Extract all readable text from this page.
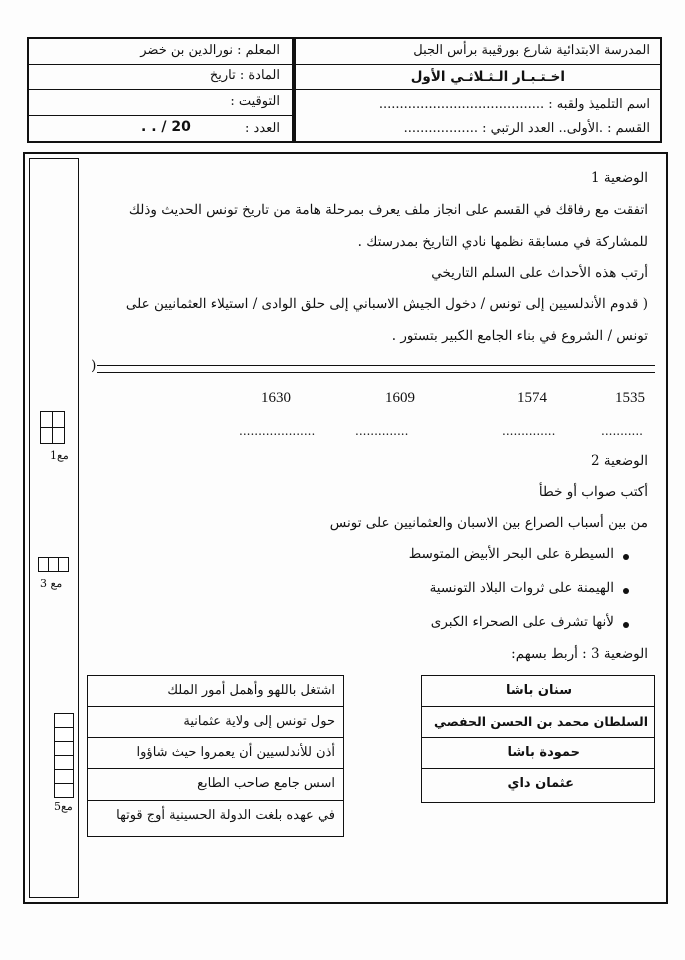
المدرسة الابتدائية شارع بورقيبة برأس الجبل
المعلم : نورالدين بن خضر
اخـتـبـار الـثـلاثـي الأول
المادة : تاريخ
اسم التلميذ ولقبه : ........................................
التوقيت :
القسم : .الأولى.. العدد الرتبي : ..................
العدد :
. . / 20
مع1
مع 3
مع5
الوضعية 1
اتفقت مع رفاقك في القسم على انجاز ملف يعرف بمرحلة هامة من تاريخ تونس الحديث وذلك
للمشاركة في مسابقة نظمها نادي التاريخ بمدرستك .
أرتب هذه الأحداث على السلم التاريخي
( قدوم الأندلسيين إلى تونس / دخول الجيش الاسباني إلى حلق الوادى / استيلاء العثمانيين على
تونس / الشروع في بناء الجامع الكبير بتستور .
)
1630	1609	1574	1535
....................	..............	..............	...........
الوضعية 2
أكتب صواب أو خطأ
من بين أسباب الصراع بين الاسبان والعثمانيين على تونس
السيطرة على البحر الأبيض المتوسط
الهيمنة على ثروات البلاد التونسية
لأنها تشرف على الصحراء الكبرى
الوضعية 3 : أربط بسهم:
اشتغل باللهو وأهمل أمور الملك
حول تونس إلى ولاية عثمانية
أذن للأندلسيين أن يعمروا حيث شاؤوا
اسس جامع صاحب الطابع
في عهده بلغت الدولة الحسينية أوج قوتها
سنان باشا
السلطان محمد بن الحسن الحفصي
حمودة باشا
عثمان داي
